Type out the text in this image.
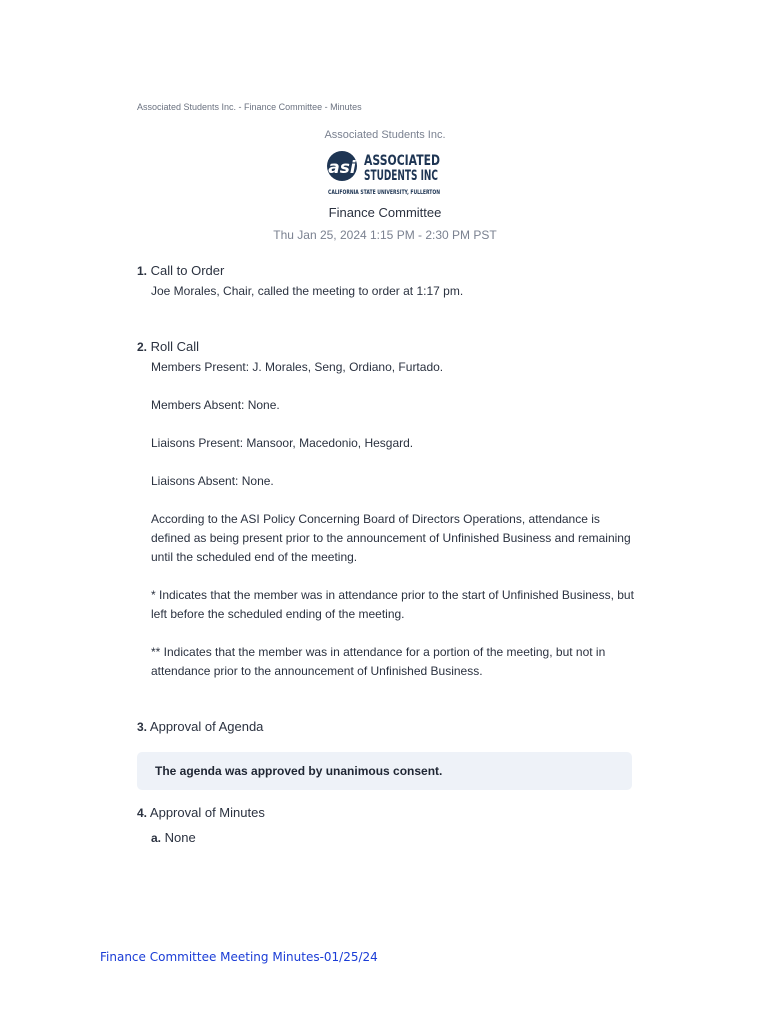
Associated Students Inc. - Finance Committee - Minutes
Associated Students Inc.
asi ASSOCIATED
STUDENTS INC
CALIFORNIA STATE UNIVERSITY, FULLERTON
Finance Committee
Thu Jan 25, 2024 1:15 PM - 2:30 PM PST
1. Call to Order
Joe Morales, Chair, called the meeting to order at 1:17 pm.
2. Roll Call
Members Present: J. Morales, Seng, Ordiano, Furtado.
Members Absent: None.
Liaisons Present: Mansoor, Macedonio, Hesgard.
Liaisons Absent: None.
According to the ASI Policy Concerning Board of Directors Operations, attendance is defined as being present prior to the announcement of Unfinished Business and remaining until the scheduled end of the meeting.
* Indicates that the member was in attendance prior to the start of Unfinished Business, but left before the scheduled ending of the meeting.
** Indicates that the member was in attendance for a portion of the meeting, but not in attendance prior to the announcement of Unfinished Business.
3. Approval of Agenda
The agenda was approved by unanimous consent.
4. Approval of Minutes
a. None
Finance Committee Meeting Minutes-01/25/24
